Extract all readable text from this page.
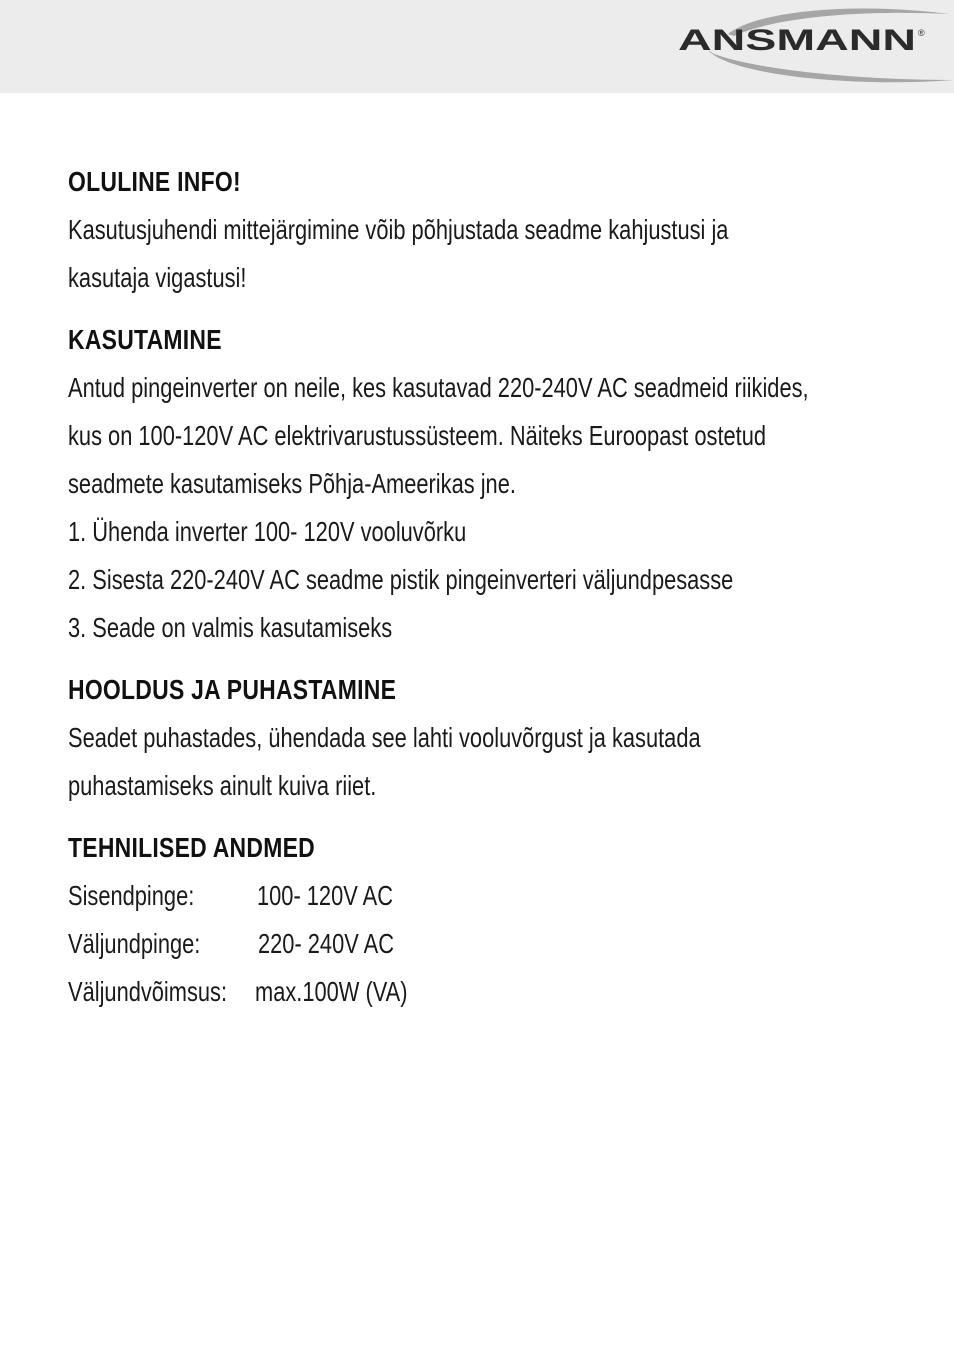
ANSMANN ®

OLULINE INFO!

Kasutusjuhendi mittejärgimine võib põhjustada seadme kahjustusi ja

kasutaja vigastusi!

KASUTAMINE

Antud pingeinverter on neile, kes kasutavad 220-240V AC seadmeid riikides,

kus on 100-120V AC elektrivarustussüsteem. Näiteks Euroopast ostetud

seadmete kasutamiseks Põhja-Ameerikas jne.

1. Ühenda inverter 100- 120V vooluvõrku

2. Sisesta 220-240V AC seadme pistik pingeinverteri väljundpesasse

3. Seade on valmis kasutamiseks

HOOLDUS JA PUHASTAMINE

Seadet puhastades, ühendada see lahti vooluvõrgust ja kasutada

puhastamiseks ainult kuiva riiet.

TEHNILISED ANDMED

Sisendpinge: 100- 120V AC
Väljundpinge: 220- 240V AC
Väljundvõimsus: max.100W (VA)
